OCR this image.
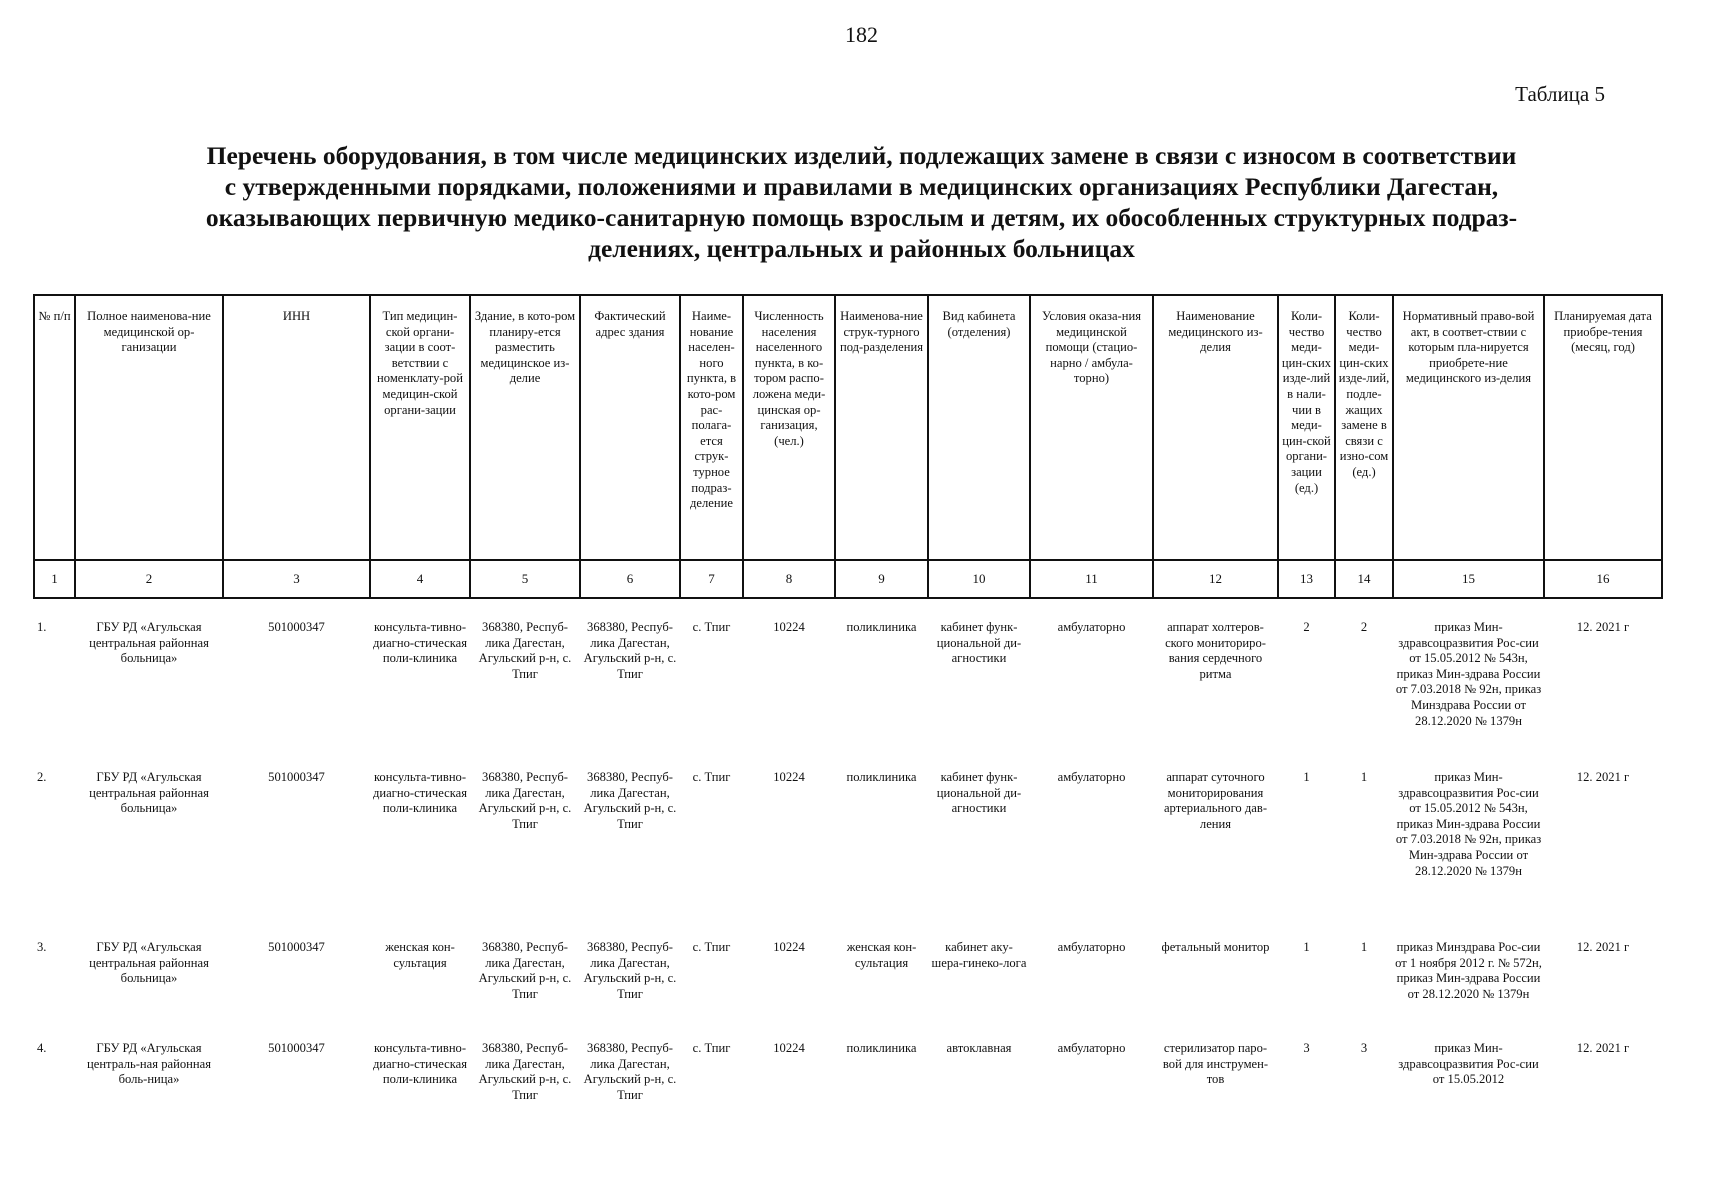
182
Таблица 5
Перечень оборудования, в том числе медицинских изделий, подлежащих замене в связи с износом в соответствии
с утвержденными порядками, положениями и правилами в медицинских организациях Республики Дагестан,
оказывающих первичную медико-санитарную помощь взрослым и детям, их обособленных структурных подраз-
делениях, центральных и районных больницах
№ п/п	Полное наименова-ние медицинской ор-ганизации	ИНН	Тип медицин-ской органи-зации в соот-ветствии с номенклату-рой медицин-ской органи-зации	Здание, в кото-ром планиру-ется разместить медицинское из-делие	Фактический адрес здания	Наиме-нование населен-ного пункта, в кото-ром рас-полага-ется струк-турное подраз-деление	Численность населения населенного пункта, в ко-тором распо-ложена меди-цинская ор-ганизация, (чел.)	Наименова-ние струк-турного под-разделения	Вид кабинета (отделения)	Условия оказа-ния медицинской помощи (стацио-нарно / амбула-торно)	Наименование медицинского из-делия	Коли-чество меди-цин-ских изде-лий в нали-чии в меди-цин-ской органи-зации (ед.)	Коли-чество меди-цин-ских изде-лий, подле-жащих замене в связи с изно-сом (ед.)	Нормативный право-вой акт, в соответ-ствии с которым пла-нируется приобрете-ние медицинского из-делия	Планируемая дата приобре-тения (месяц, год)
1	2	3	4	5	6	7	8	9	10	11	12	13	14	15	16
1.	ГБУ РД «Агульская центральная районная больница»	501000347	консульта-тивно-диагно-стическая поли-клиника	368380, Респуб-лика Дагестан, Агульский р-н, с. Тпиг	368380, Респуб-лика Дагестан, Агульский р-н, с. Тпиг	с. Тпиг	10224	поликлиника	кабинет функ-циональной ди-агностики	амбулаторно	аппарат холтеров-ского мониториро-вания сердечного ритма	2	2	приказ Мин-здравсоцразвития Рос-сии от 15.05.2012 № 543н, приказ Мин-здрава России от 7.03.2018 № 92н, приказ Минздрава России от 28.12.2020 № 1379н	12. 2021 г
2.	ГБУ РД «Агульская центральная районная больница»	501000347	консульта-тивно-диагно-стическая поли-клиника	368380, Респуб-лика Дагестан, Агульский р-н, с. Тпиг	368380, Респуб-лика Дагестан, Агульский р-н, с. Тпиг	с. Тпиг	10224	поликлиника	кабинет функ-циональной ди-агностики	амбулаторно	аппарат суточного мониторирования артериального дав-ления	1	1	приказ Мин-здравсоцразвития Рос-сии от 15.05.2012 № 543н, приказ Мин-здрава России от 7.03.2018 № 92н, приказ Мин-здрава России от 28.12.2020 № 1379н	12. 2021 г
3.	ГБУ РД «Агульская центральная районная больница»	501000347	женская кон-сультация	368380, Респуб-лика Дагестан, Агульский р-н, с. Тпиг	368380, Респуб-лика Дагестан, Агульский р-н, с. Тпиг	с. Тпиг	10224	женская кон-сультация	кабинет аку-шера-гинеко-лога	амбулаторно	фетальный монитор	1	1	приказ Минздрава Рос-сии от 1 ноября 2012 г. № 572н, приказ Мин-здрава России от 28.12.2020 № 1379н	12. 2021 г
4.	ГБУ РД «Агульская централь-ная районная боль-ница»	501000347	консульта-тивно-диагно-стическая поли-клиника	368380, Респуб-лика Дагестан, Агульский р-н, с. Тпиг	368380, Респуб-лика Дагестан, Агульский р-н, с. Тпиг	с. Тпиг	10224	поликлиника	автоклавная	амбулаторно	стерилизатор паро-вой для инструмен-тов	3	3	приказ Мин-здравсоцразвития Рос-сии от 15.05.2012	12. 2021 г
